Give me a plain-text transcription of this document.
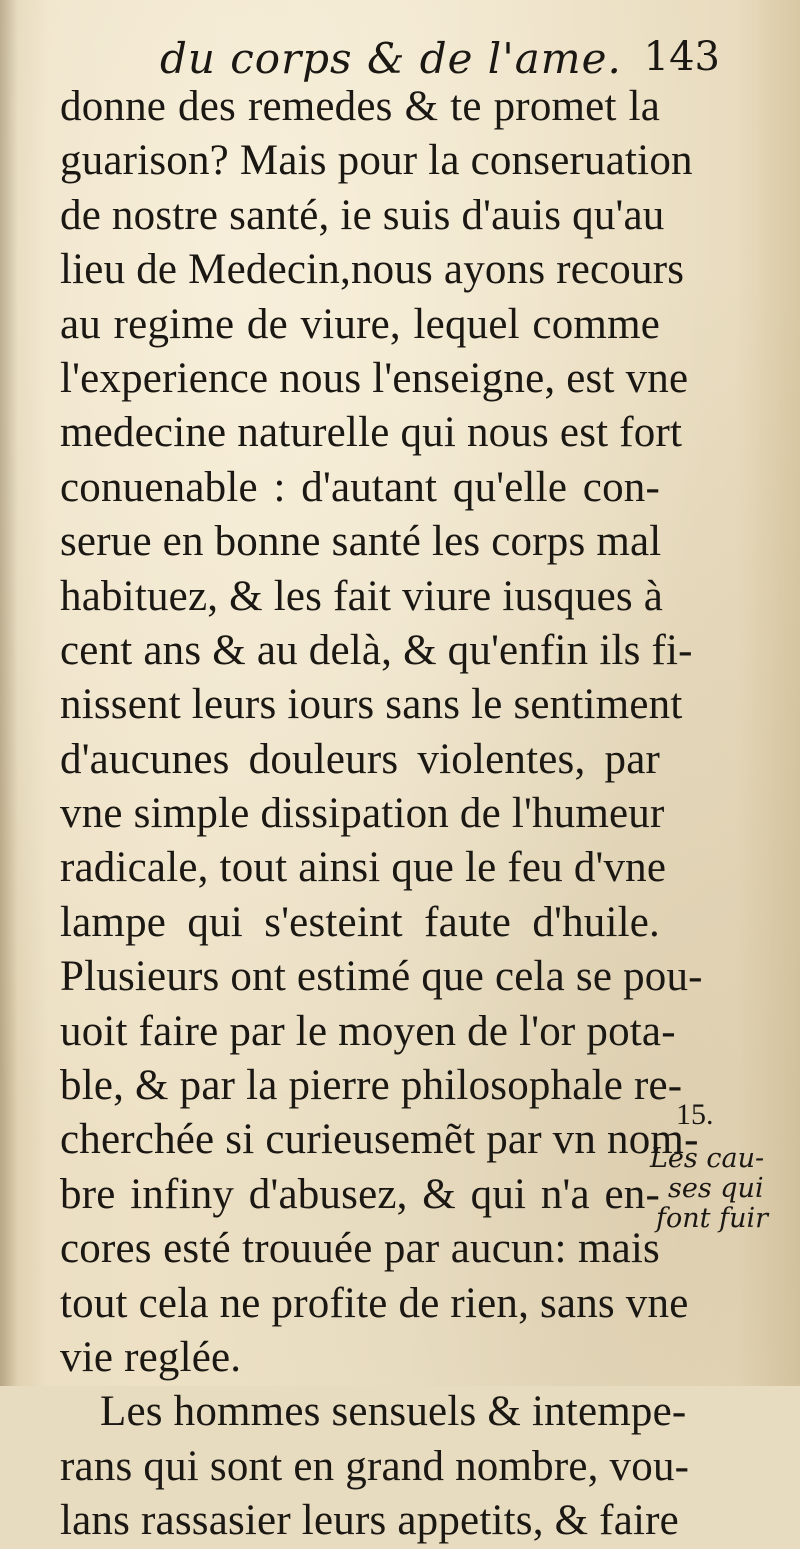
du corps & de l'ame. 143
donne des remedes & te promet la
guarison? Mais pour la conseruation
de nostre santé, ie suis d'auis qu'au
lieu de Medecin,nous ayons recours
au regime de viure, lequel comme
l'experience nous l'enseigne, est vne
medecine naturelle qui nous est fort
conuenable : d'autant qu'elle con-
serue en bonne santé les corps mal
habituez, & les fait viure iusques à
cent ans & au delà, & qu'enfin ils fi-
nissent leurs iours sans le sentiment
d'aucunes douleurs violentes, par
vne simple dissipation de l'humeur
radicale, tout ainsi que le feu d'vne
lampe qui s'esteint faute d'huile.
Plusieurs ont estimé que cela se pou-
uoit faire par le moyen de l'or pota-
ble, & par la pierre philosophale re-
cherchée si curieusemẽt par vn nom-
bre infiny d'abusez, & qui n'a en-
cores esté trouuée par aucun: mais
tout cela ne profite de rien, sans vne
vie reglée.
Les hommes sensuels & intempe-
rans qui sont en grand nombre, vou-
lans rassasier leurs appetits, & faire
15.
Les cau-
ses qui
font fuir
